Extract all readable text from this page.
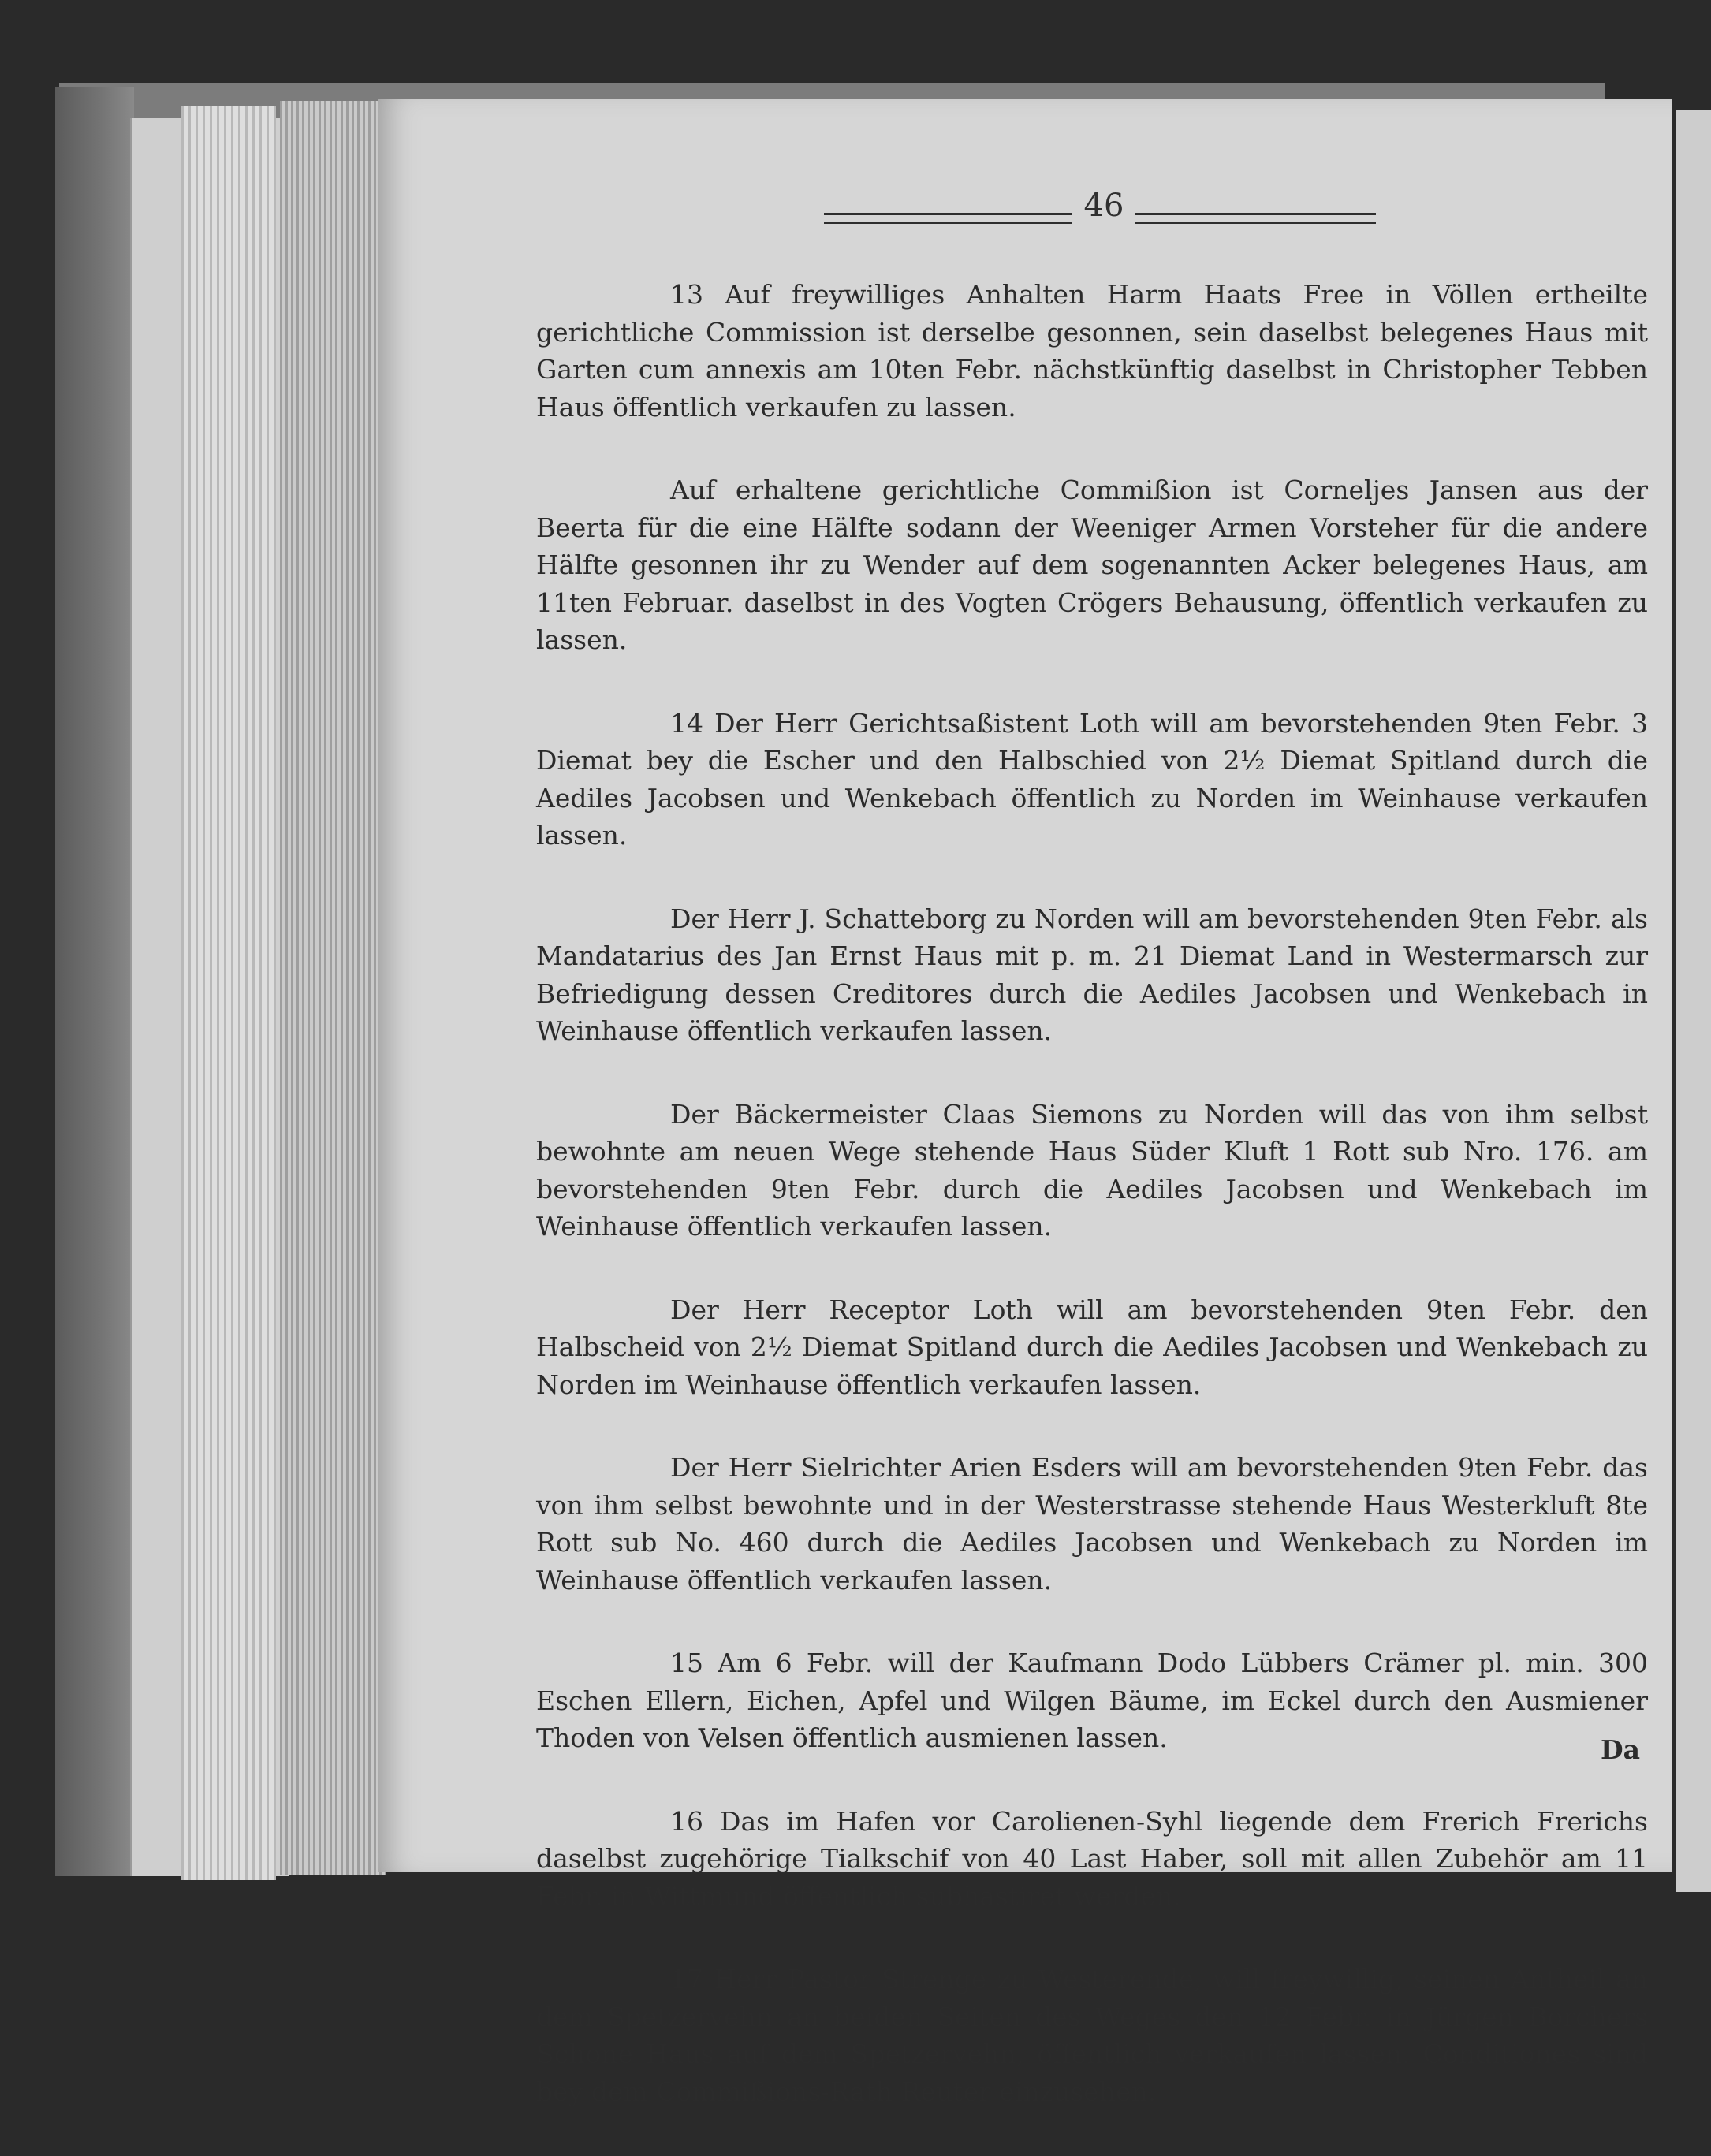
46

13 Auf freywilliges Anhalten Harm Haats Free in Völlen ertheilte gerichtliche Commission ist derselbe gesonnen, sein daselbst belegenes Haus mit Garten cum annexis am 10ten Febr. nächstkünftig daselbst in Christopher Tebben Haus öffentlich verkaufen zu lassen.

Auf erhaltene gerichtliche Commißion ist Corneljes Jansen aus der Beerta für die eine Hälfte sodann der Weeniger Armen Vorsteher für die andere Hälfte gesonnen ihr zu Wender auf dem sogenannten Acker belegenes Haus, am 11ten Februar. daselbst in des Vogten Crögers Behausung, öffentlich verkaufen zu lassen.

14 Der Herr Gerichtsaßistent Loth will am bevorstehenden 9ten Febr. 3 Diemat bey die Escher und den Halbschied von 2½ Diemat Spitland durch die Aediles Jacobsen und Wenkebach öffentlich zu Norden im Weinhause verkaufen lassen.

Der Herr J. Schatteborg zu Norden will am bevorstehenden 9ten Febr. als Mandatarius des Jan Ernst Haus mit p. m. 21 Diemat Land in Westermarsch zur Befriedigung dessen Creditores durch die Aediles Jacobsen und Wenkebach in Weinhause öffentlich verkaufen lassen.

Der Bäckermeister Claas Siemons zu Norden will das von ihm selbst bewohnte am neuen Wege stehende Haus Süder Kluft 1 Rott sub Nro. 176. am bevorstehenden 9ten Febr. durch die Aediles Jacobsen und Wenkebach im Weinhause öffentlich verkaufen lassen.

Der Herr Receptor Loth will am bevorstehenden 9ten Febr. den Halbscheid von 2½ Diemat Spitland durch die Aediles Jacobsen und Wenkebach zu Norden im Weinhause öffentlich verkaufen lassen.

Der Herr Sielrichter Arien Esders will am bevorstehenden 9ten Febr. das von ihm selbst bewohnte und in der Westerstrasse stehende Haus Westerkluft 8te Rott sub No. 460 durch die Aediles Jacobsen und Wenkebach zu Norden im Weinhause öffentlich verkaufen lassen.

15 Am 6 Febr. will der Kaufmann Dodo Lübbers Crämer pl. min. 300 Eschen Ellern, Eichen, Apfel und Wilgen Bäume, im Eckel durch den Ausmiener Thoden von Velsen öffentlich ausmienen lassen.

16 Das im Hafen vor Carolienen-Syhl liegende dem Frerich Frerichs daselbst zugehörige Tialkschif von 40 Last Haber, soll mit allen Zubehör am 11 Febr. in Wittmund öffentlich subhastiret werden.

17 Herr Pastor Strenge zu Westerende, will freywillig, seinen Antheil an dem Spetzervehn an beiden Seiten des Weges den 12 Febr. in Jürgen Borchers Schone Haus auf dem Spetzervehn, öffentlich verkaufen lassen. Conditiones sind bey dem Commißions-Rath Reuter einzusehen.

Da
